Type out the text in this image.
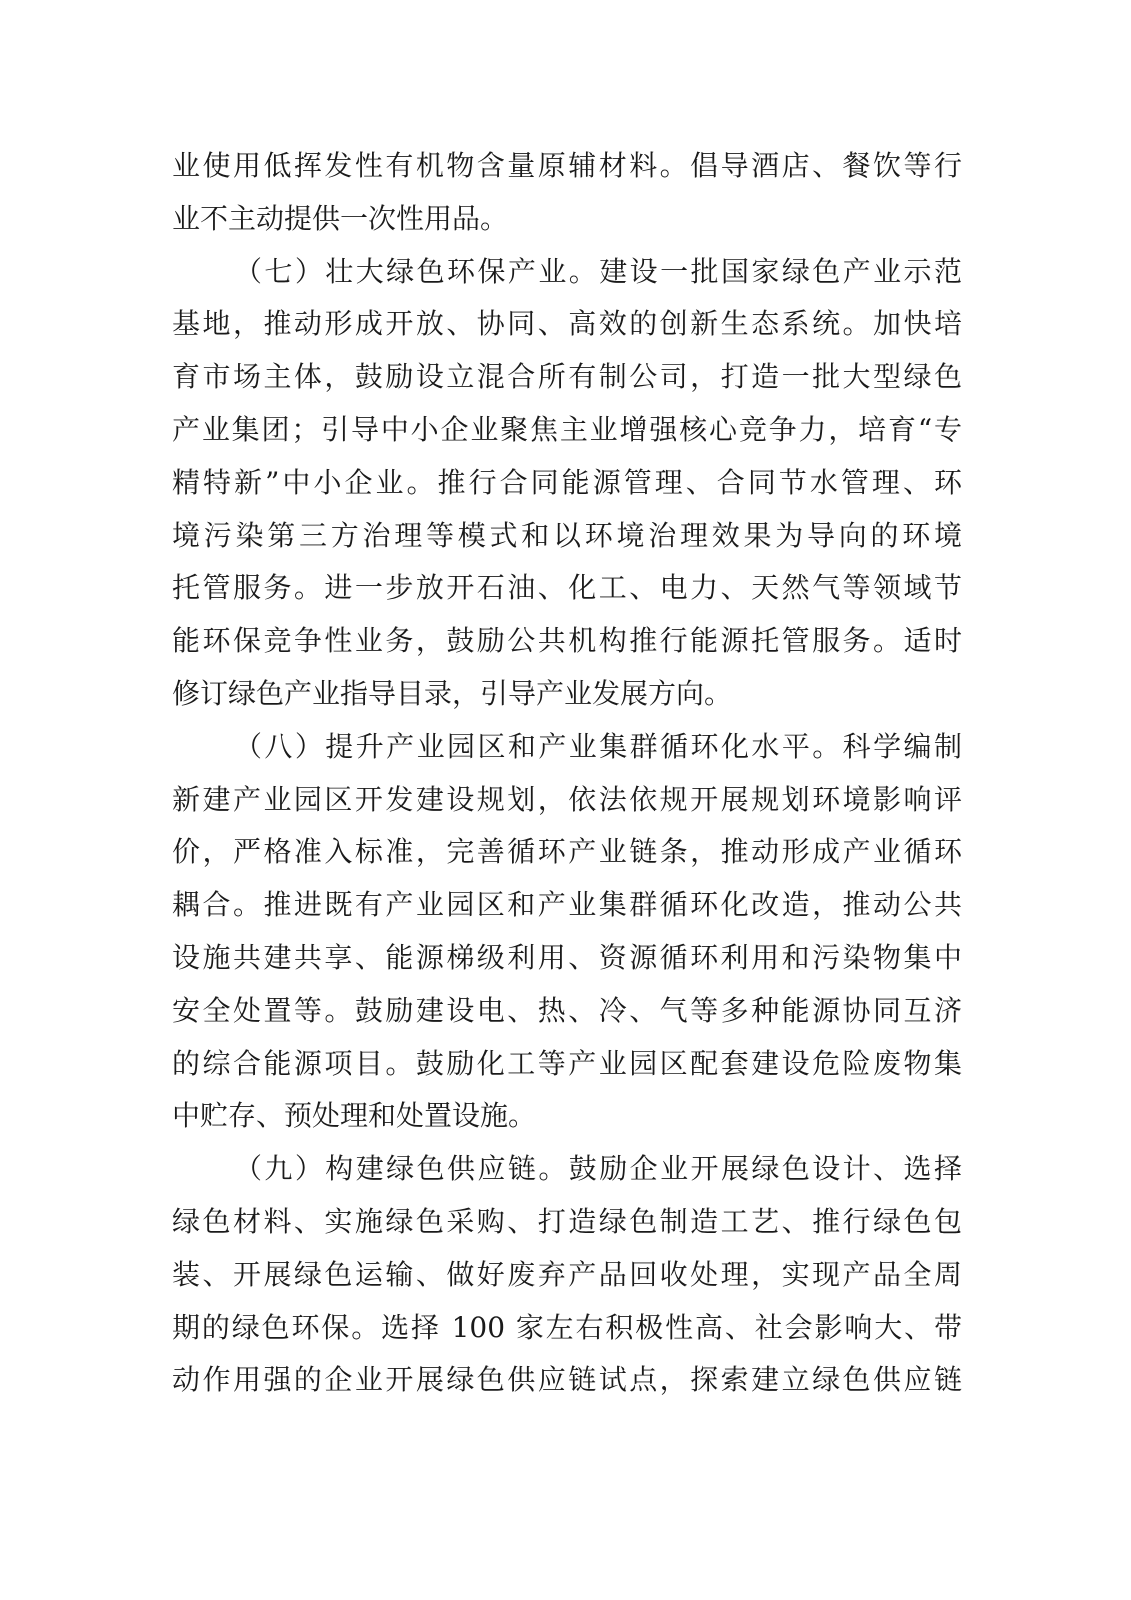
业使用低挥发性有机物含量原辅材料。倡导酒店、餐饮等行
业不主动提供一次性用品。
（七）壮大绿色环保产业。建设一批国家绿色产业示范
基地，推动形成开放、协同、高效的创新生态系统。加快培
育市场主体，鼓励设立混合所有制公司，打造一批大型绿色
产业集团；引导中小企业聚焦主业增强核心竞争力，培育“专
精特新”中小企业。推行合同能源管理、合同节水管理、环
境污染第三方治理等模式和以环境治理效果为导向的环境
托管服务。进一步放开石油、化工、电力、天然气等领域节
能环保竞争性业务，鼓励公共机构推行能源托管服务。适时
修订绿色产业指导目录，引导产业发展方向。
（八）提升产业园区和产业集群循环化水平。科学编制
新建产业园区开发建设规划，依法依规开展规划环境影响评
价，严格准入标准，完善循环产业链条，推动形成产业循环
耦合。推进既有产业园区和产业集群循环化改造，推动公共
设施共建共享、能源梯级利用、资源循环利用和污染物集中
安全处置等。鼓励建设电、热、冷、气等多种能源协同互济
的综合能源项目。鼓励化工等产业园区配套建设危险废物集
中贮存、预处理和处置设施。
（九）构建绿色供应链。鼓励企业开展绿色设计、选择
绿色材料、实施绿色采购、打造绿色制造工艺、推行绿色包
装、开展绿色运输、做好废弃产品回收处理，实现产品全周
期的绿色环保。选择 100 家左右积极性高、社会影响大、带
动作用强的企业开展绿色供应链试点，探索建立绿色供应链
